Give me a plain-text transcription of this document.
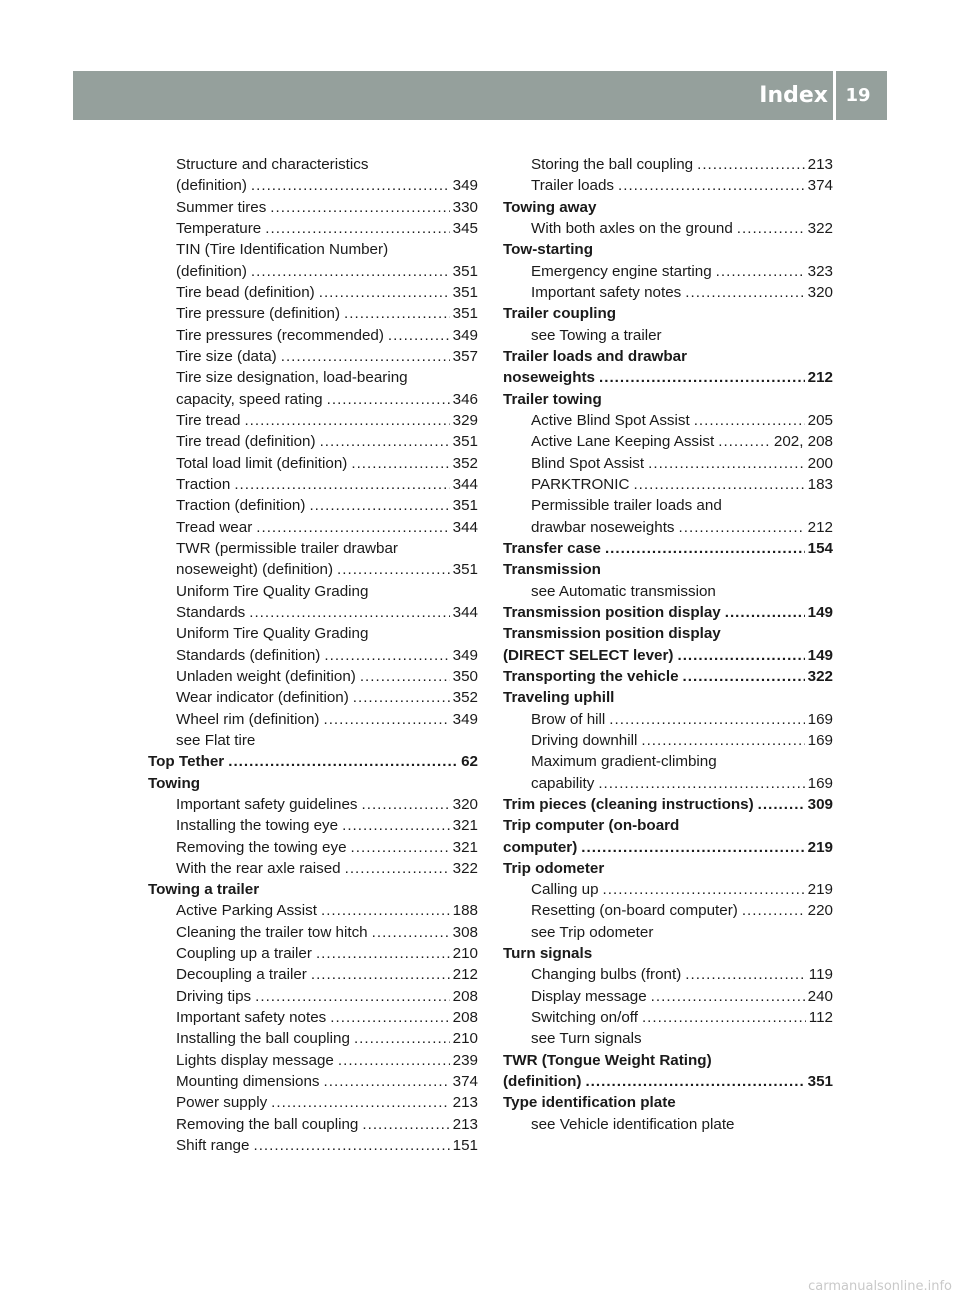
Index 19
Structure and characteristics
(definition) .....	349
Summer tires .....	330
Temperature .....	345
TIN (Tire Identification Number)
(definition) .....	351
Tire bead (definition) .....	351
Tire pressure (definition) .....	351
Tire pressures (recommended) .....	349
Tire size (data) .....	357
Tire size designation, load-bearing
capacity, speed rating .....	346
Tire tread .....	329
Tire tread (definition) .....	351
Total load limit (definition) .....	352
Traction .....	344
Traction (definition) .....	351
Tread wear .....	344
TWR (permissible trailer drawbar
noseweight) (definition) .....	351
Uniform Tire Quality Grading
Standards .....	344
Uniform Tire Quality Grading
Standards (definition) .....	349
Unladen weight (definition) .....	350
Wear indicator (definition) .....	352
Wheel rim (definition) .....	349
see Flat tire
Top Tether .....	62
Towing
Important safety guidelines .....	320
Installing the towing eye .....	321
Removing the towing eye .....	321
With the rear axle raised .....	322
Towing a trailer
Active Parking Assist .....	188
Cleaning the trailer tow hitch .....	308
Coupling up a trailer .....	210
Decoupling a trailer .....	212
Driving tips .....	208
Important safety notes .....	208
Installing the ball coupling .....	210
Lights display message .....	239
Mounting dimensions .....	374
Power supply .....	213
Removing the ball coupling .....	213
Shift range .....	151
Storing the ball coupling .....	213
Trailer loads .....	374
Towing away
With both axles on the ground .....	322
Tow-starting
Emergency engine starting .....	323
Important safety notes .....	320
Trailer coupling
see Towing a trailer
Trailer loads and drawbar
noseweights .....	212
Trailer towing
Active Blind Spot Assist .....	205
Active Lane Keeping Assist .....	202, 208
Blind Spot Assist .....	200
PARKTRONIC .....	183
Permissible trailer loads and
drawbar noseweights .....	212
Transfer case .....	154
Transmission
see Automatic transmission
Transmission position display .....	149
Transmission position display
(DIRECT SELECT lever) .....	149
Transporting the vehicle .....	322
Traveling uphill
Brow of hill .....	169
Driving downhill .....	169
Maximum gradient-climbing
capability .....	169
Trim pieces (cleaning instructions) .....	309
Trip computer (on-board
computer) .....	219
Trip odometer
Calling up .....	219
Resetting (on-board computer) .....	220
see Trip odometer
Turn signals
Changing bulbs (front) .....	119
Display message .....	240
Switching on/off .....	112
see Turn signals
TWR (Tongue Weight Rating)
(definition) .....	351
Type identification plate
see Vehicle identification plate
carmanualsonline.info
